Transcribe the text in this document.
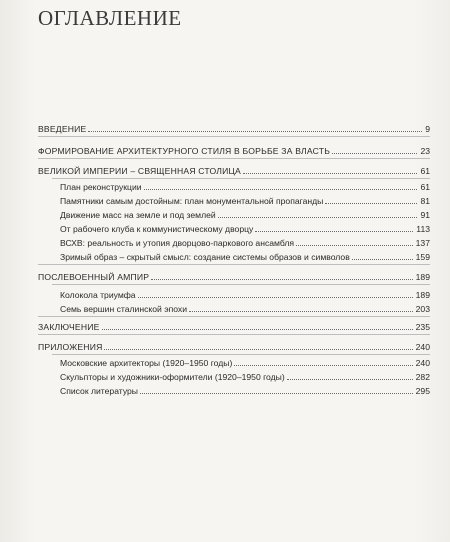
ОГЛАВЛЕНИЕ
ВВЕДЕНИЕ	9
ФОРМИРОВАНИЕ АРХИТЕКТУРНОГО СТИЛЯ В БОРЬБЕ ЗА ВЛАСТЬ	23
ВЕЛИКОЙ ИМПЕРИИ – СВЯЩЕННАЯ СТОЛИЦА	61
План реконструкции	61
Памятники самым достойным: план монументальной пропаганды	81
Движение масс на земле и под землей	91
От рабочего клуба к коммунистическому дворцу	113
ВСХВ: реальность и утопия дворцово-паркового ансамбля	137
Зримый образ – скрытый смысл: создание системы образов и символов	159
ПОСЛЕВОЕННЫЙ АМПИР	189
Колокола триумфа	189
Семь вершин сталинской эпохи	203
ЗАКЛЮЧЕНИЕ	235
ПРИЛОЖЕНИЯ	240
Московские архитекторы (1920–1950 годы)	240
Скульпторы и художники-оформители (1920–1950 годы)	282
Список литературы	295
